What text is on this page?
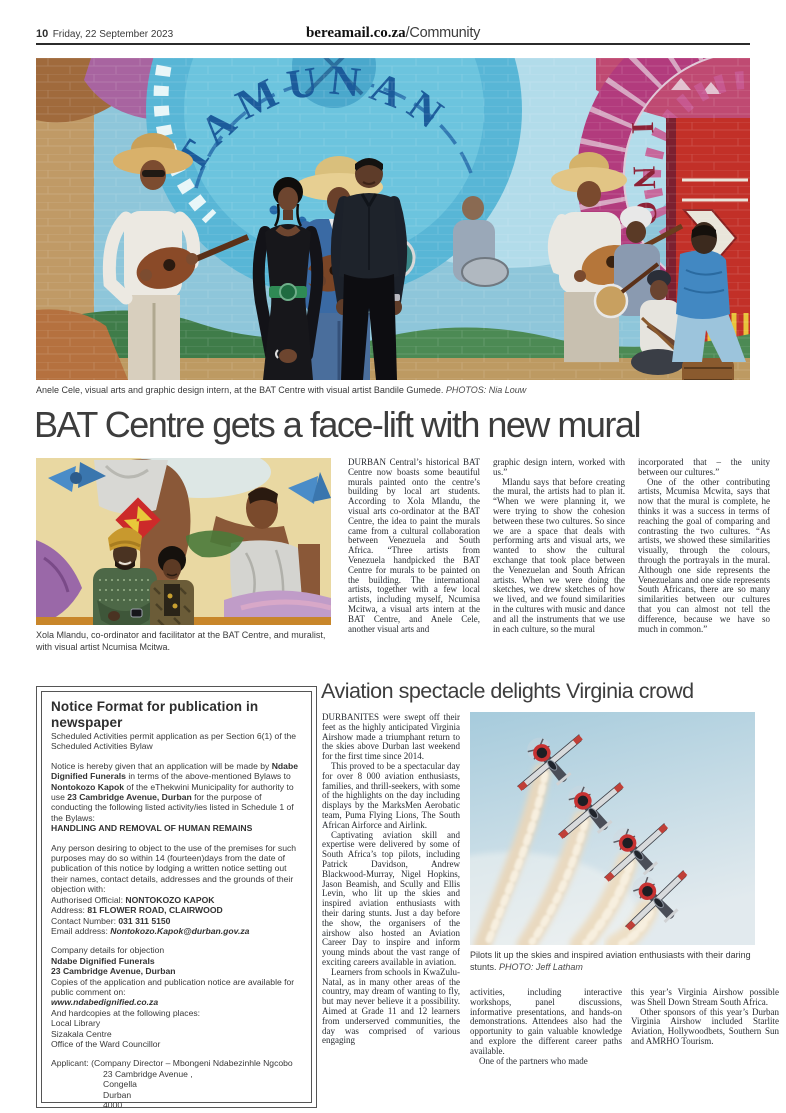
10 Friday, 22 September 2023	bereamail.co.za/Community
Anele Cele, visual arts and graphic design intern, at the BAT Centre with visual artist Bandile Gumede. PHOTOS: Nia Louw
BAT Centre gets a face-lift with new mural

DURBAN Central’s historical BAT Centre now boasts some beautiful murals painted onto the centre’s building by local art students. According to Xola Mlandu, the visual arts co-ordinator at the BAT Centre, the idea to paint the murals came from a cultural collaboration between Venezuela and South Africa. “Three artists from Venezuela handpicked the BAT Centre for murals to be painted on the building. The international artists, together with a few local artists, including myself, Ncumisa Mcitwa, a visual arts intern at the BAT Centre, and Anele Cele, another visual arts and

graphic design intern, worked with us.”

Mlandu says that before creating the mural, the artists had to plan it. “When we were planning it, we were trying to show the cohesion between these two cultures. So since we are a space that deals with performing arts and visual arts, we wanted to show the cultural exchange that took place between the Venezuelan and South African artists. When we were doing the sketches, we drew sketches of how we lived, and we found similarities in the cultures with music and dance and all the instruments that we use in each culture, so the mural

incorporated that – the unity between our cultures.”

One of the other contributing artists, Mcumisa Mcwita, says that now that the mural is complete, he thinks it was a success in terms of reaching the goal of comparing and contrasting the two cultures. “As artists, we showed these similarities visually, through the colours, through the portrayals in the mural. Although one side represents the Venezuelans and one side represents South Africans, there are so many similarities between our cultures that you can almost not tell the difference, because we have so much in common.”

Xola Mlandu, co-ordinator and facilitator at the BAT Centre, and muralist, with visual artist Ncumisa Mcitwa.
Notice Format for publication in newspaper
Scheduled Activities permit application as per Section 6(1) of the Scheduled Activities Bylaw
Notice is hereby given that an application will be made by Ndabe Dignified Funerals in terms of the above-mentioned Bylaws to Nontokozo Kapok of the eThekwini Municipality for authority to use 23 Cambridge Avenue, Durban for the purpose of conducting the following listed activity/ies listed in Schedule 1 of the Bylaws:
HANDLING AND REMOVAL OF HUMAN REMAINS
Any person desiring to object to the use of the premises for such purposes may do so within 14 (fourteen)days from the date of publication of this notice by lodging a written notice setting out their names, contact details, addresses and the grounds of their objection with:
Authorised Official: NONTOKOZO KAPOK
Address: 81 FLOWER ROAD, CLAIRWOOD
Contact Number: 031 311 5150
Email address: Nontokozo.Kapok@durban.gov.za
Company details for objection
Ndabe Dignified Funerals
23 Cambridge Avenue, Durban
Copies of the application and publication notice are available for public comment on:
www.ndabedignified.co.za
And hardcopies at the following places:
Local Library
Sizakala Centre
Office of the Ward Councillor
Applicant: (Company Director – Mbongeni Ndabezinhle Ngcobo
23 Cambridge Avenue ,
Congella
Durban
4000
Aviation spectacle delights Virginia crowd

DURBANITES were swept off their feet as the highly anticipated Virginia Airshow made a triumphant return to the skies above Durban last weekend for the first time since 2014.

This proved to be a spectacular day for over 8 000 aviation enthusiasts, families, and thrill-seekers, with some of the highlights on the day including displays by the MarksMen Aerobatic team, Puma Flying Lions, The South African Airforce and Airlink.

Captivating aviation skill and expertise were delivered by some of South Africa’s top pilots, including Patrick Davidson, Andrew Blackwood-Murray, Nigel Hopkins, Jason Beamish, and Scully and Ellis Levin, who lit up the skies and inspired aviation enthusiasts with their daring stunts. Just a day before the show, the organisers of the airshow also hosted an Aviation Career Day to inspire and inform young minds about the vast range of exciting careers available in aviation.

Learners from schools in KwaZulu-Natal, as in many other areas of the country, may dream of wanting to fly, but may never believe it a possibility. Aimed at Grade 11 and 12 learners from underserved communities, the day was comprised of various engaging

Pilots lit up the skies and inspired aviation enthusiasts with their daring stunts. PHOTO: Jeff Latham

activities, including interactive workshops, panel discussions, informative presentations, and hands-on demonstrations. Attendees also had the opportunity to gain valuable knowledge and explore the different career paths available.

One of the partners who made

this year’s Virginia Airshow possible was Shell Down Stream South Africa.

Other sponsors of this year’s Durban Virginia Airshow included Starlite Aviation, Hollywoodbets, Southern Sun and AMRHO Tourism.
